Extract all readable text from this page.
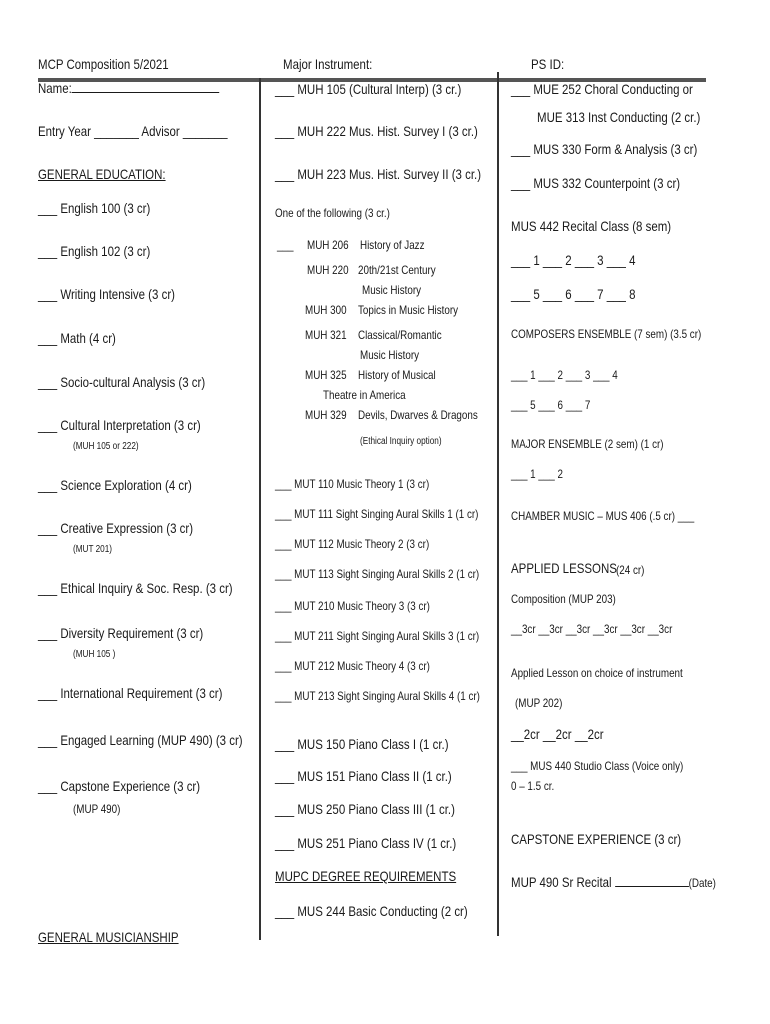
MCP Composition 5/2021	Major Instrument:	PS ID:
Name:
Entry Year _______ Advisor _______
GENERAL EDUCATION:
___ English 100 (3 cr)
___ English 102 (3 cr)
___ Writing Intensive (3 cr)
___ Math (4 cr)
___ Socio-cultural Analysis (3 cr)
___ Cultural Interpretation (3 cr)
(MUH 105 or 222)
___ Science Exploration (4 cr)
___ Creative Expression (3 cr)
(MUT 201)
___ Ethical Inquiry & Soc. Resp. (3 cr)
___ Diversity Requirement (3 cr)
(MUH 105 )
___ International Requirement (3 cr)
___ Engaged Learning (MUP 490) (3 cr)
___ Capstone Experience (3 cr)
(MUP 490)
GENERAL MUSICIANSHIP
___ MUH 105 (Cultural Interp) (3 cr.)
___ MUH 222 Mus. Hist. Survey I (3 cr.)
___ MUH 223 Mus. Hist. Survey II (3 cr.)
One of the following (3 cr.)
___ MUH 206 History of Jazz
MUH 220 20th/21st Century
Music History
MUH 300 Topics in Music History
MUH 321 Classical/Romantic
Music History
MUH 325 History of Musical
Theatre in America
MUH 329 Devils, Dwarves & Dragons
(Ethical Inquiry option)
___ MUT 110 Music Theory 1 (3 cr)
___ MUT 111 Sight Singing Aural Skills 1 (1 cr)
___ MUT 112 Music Theory 2 (3 cr)
___ MUT 113 Sight Singing Aural Skills 2 (1 cr)
___ MUT 210 Music Theory 3 (3 cr)
___ MUT 211 Sight Singing Aural Skills 3 (1 cr)
___ MUT 212 Music Theory 4 (3 cr)
___ MUT 213 Sight Singing Aural Skills 4 (1 cr)
___ MUS 150 Piano Class I (1 cr.)
___ MUS 151 Piano Class II (1 cr.)
___ MUS 250 Piano Class III (1 cr.)
___ MUS 251 Piano Class IV (1 cr.)
MUPC DEGREE REQUIREMENTS
___ MUS 244 Basic Conducting (2 cr)
___ MUE 252 Choral Conducting or
MUE 313 Inst Conducting (2 cr.)
___ MUS 330 Form & Analysis (3 cr)
___ MUS 332 Counterpoint (3 cr)
MUS 442 Recital Class (8 sem)
___ 1 ___ 2 ___ 3 ___ 4
___ 5 ___ 6 ___ 7 ___ 8
COMPOSERS ENSEMBLE (7 sem) (3.5 cr)
___ 1 ___ 2 ___ 3 ___ 4
___ 5 ___ 6 ___ 7
MAJOR ENSEMBLE (2 sem) (1 cr)
___ 1 ___ 2
CHAMBER MUSIC – MUS 406 (.5 cr) ___
APPLIED LESSONS (24 cr)
Composition (MUP 203)
__3cr __3cr __3cr __3cr __3cr __3cr
Applied Lesson on choice of instrument
(MUP 202)
__2cr __2cr __2cr
___ MUS 440 Studio Class (Voice only)
0 – 1.5 cr.
CAPSTONE EXPERIENCE (3 cr)
MUP 490 Sr Recital	(Date)
